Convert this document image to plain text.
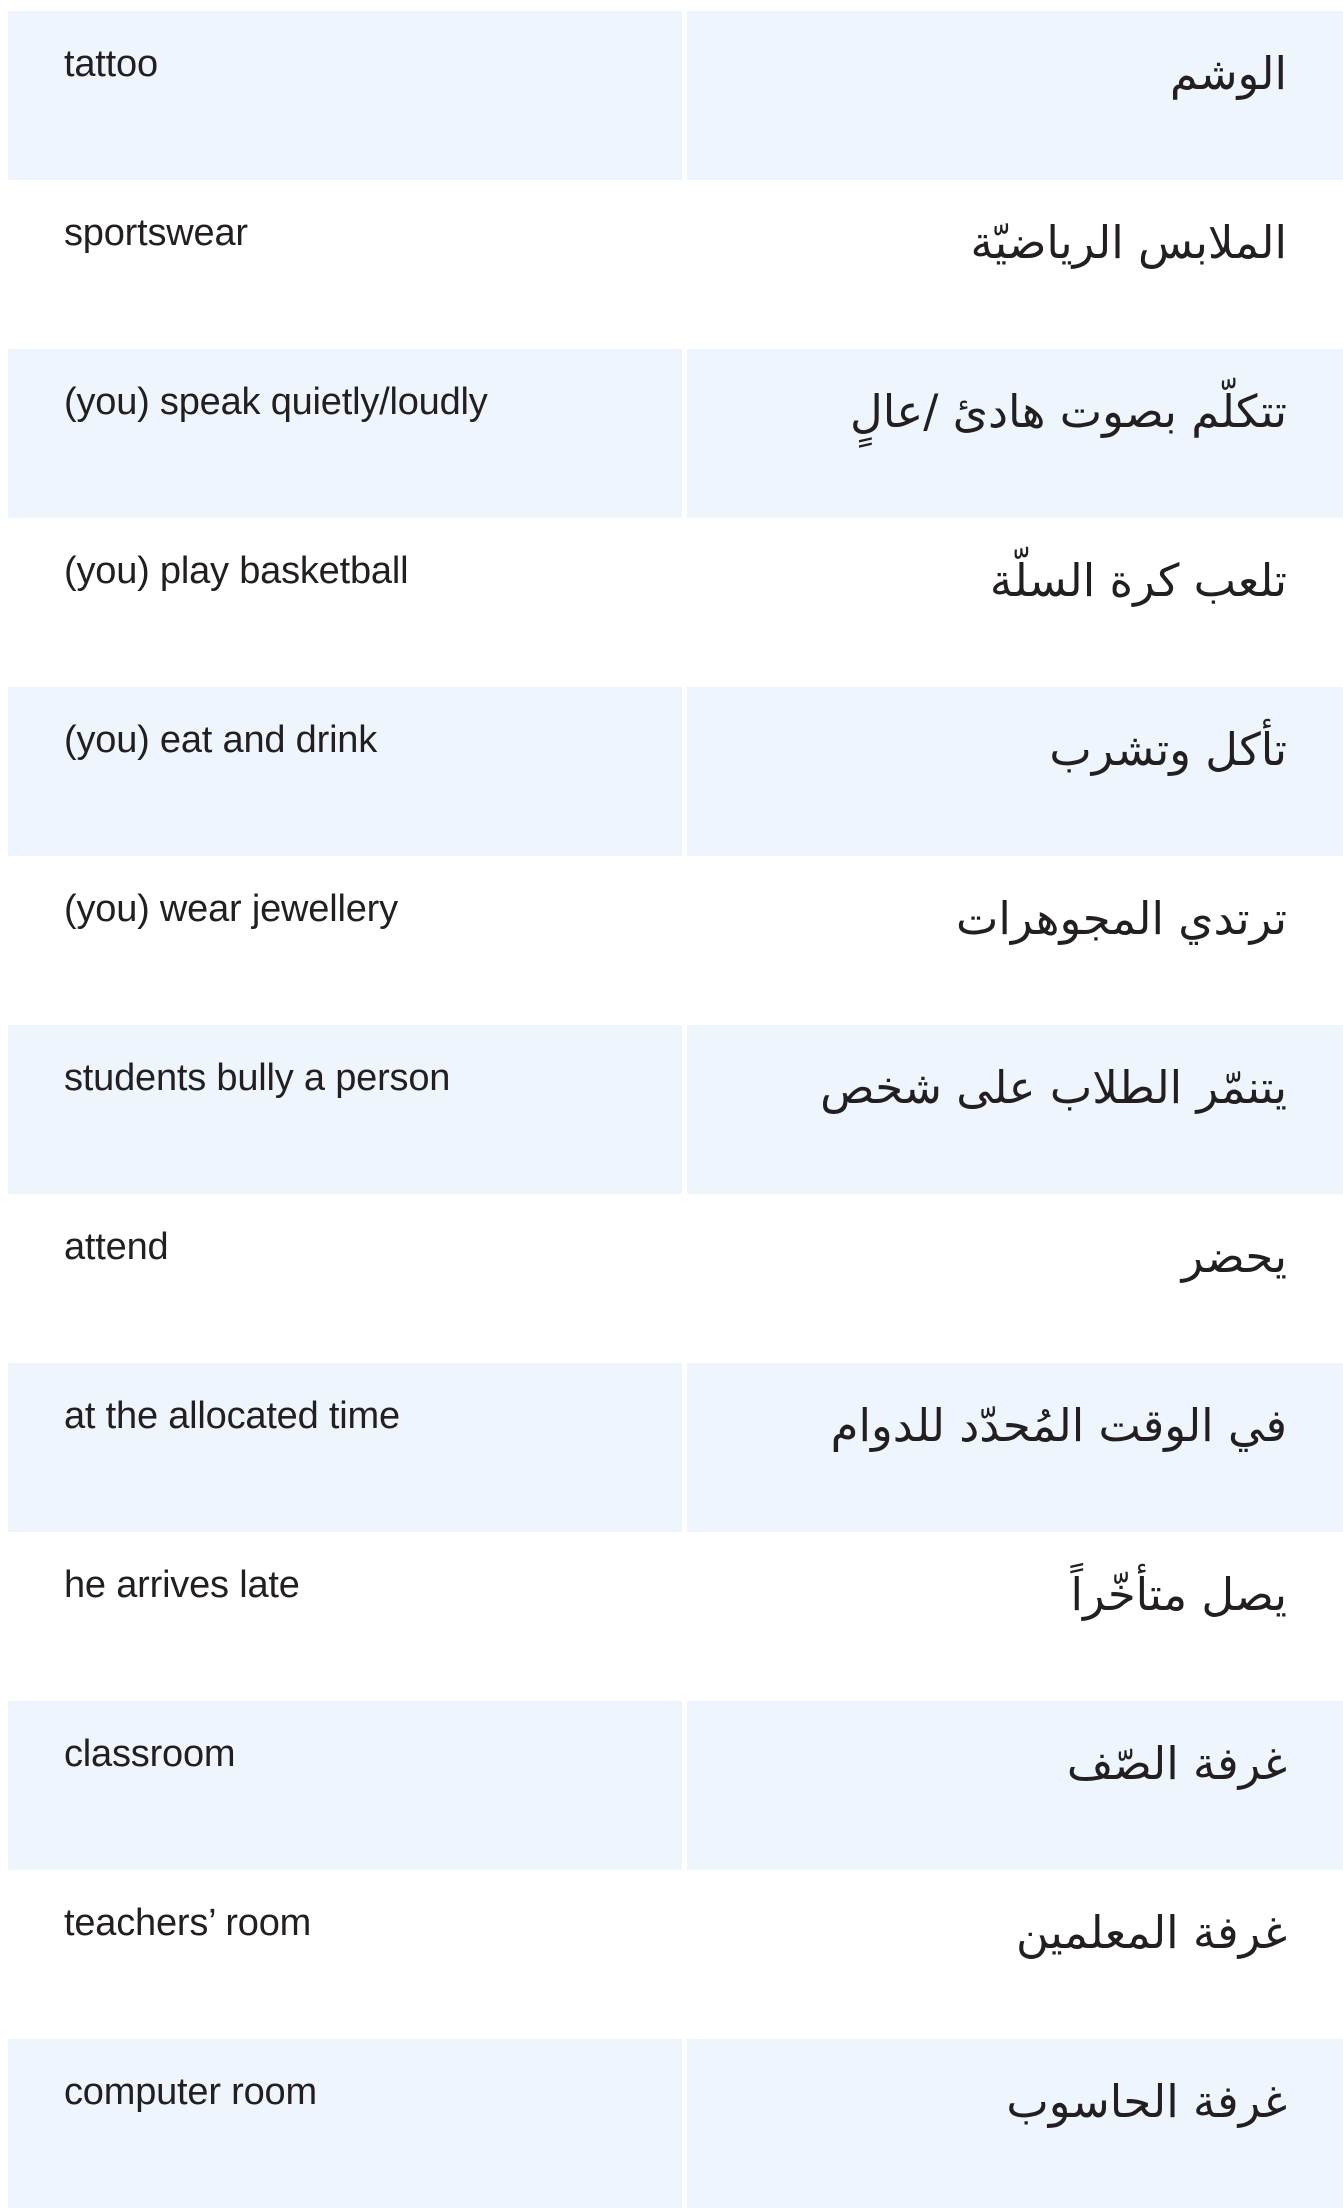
tattoo	الوشم
sportswear	الملابس الرياضيّة
(you) speak quietly/loudly	تتكلّم بصوت هادئ /عالٍ
(you) play basketball	تلعب كرة السلّة
(you) eat and drink	تأكل وتشرب
(you) wear jewellery	ترتدي المجوهرات
students bully a person	يتنمّر الطلاب على شخص
attend	يحضر
at the allocated time	في الوقت المُحدّد للدوام
he arrives late	يصل متأخّراً
classroom	غرفة الصّف
teachers’ room	غرفة المعلمين
computer room	غرفة الحاسوب
